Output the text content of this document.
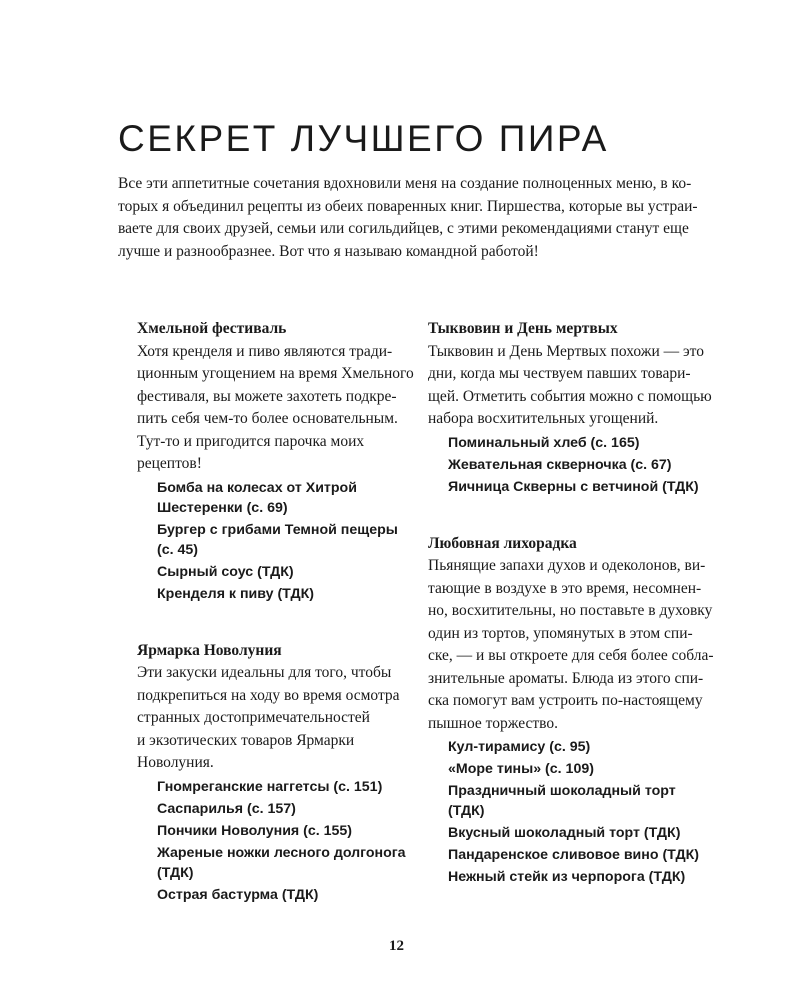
СЕКРЕТ ЛУЧШЕГО ПИРА
Все эти аппетитные сочетания вдохновили меня на создание полноценных меню, в ко-
торых я объединил рецепты из обеих поваренных книг. Пиршества, которые вы устраи-
ваете для своих друзей, семьи или согильдийцев, с этими рекомендациями станут еще
лучше и разнообразнее. Вот что я называю командной работой!
Хмельной фестиваль
Хотя кренделя и пиво являются тради-
ционным угощением на время Хмельного
фестиваля, вы можете захотеть подкре-
пить себя чем-то более основательным.
Тут-то и пригодится парочка моих
рецептов!
Бомба на колесах от Хитрой
Шестеренки (с. 69)
Бургер с грибами Темной пещеры
(с. 45)
Сырный соус (ТДК)
Кренделя к пиву (ТДК)
Ярмарка Новолуния
Эти закуски идеальны для того, чтобы
подкрепиться на ходу во время осмотра
странных достопримечательностей
и экзотических товаров Ярмарки
Новолуния.
Гномреганские наггетсы (с. 151)
Саспарилья (с. 157)
Пончики Новолуния (с. 155)
Жареные ножки лесного долгонога
(ТДК)
Острая бастурма (ТДК)
Тыквовин и День мертвых
Тыквовин и День Мертвых похожи — это
дни, когда мы чествуем павших товари-
щей. Отметить события можно с помощью
набора восхитительных угощений.
Поминальный хлеб (с. 165)
Жевательная скверночка (с. 67)
Яичница Скверны с ветчиной (ТДК)
Любовная лихорадка
Пьянящие запахи духов и одеколонов, ви-
тающие в воздухе в это время, несомнен-
но, восхитительны, но поставьте в духовку
один из тортов, упомянутых в этом спи-
ске, — и вы откроете для себя более собла-
знительные ароматы. Блюда из этого спи-
ска помогут вам устроить по-настоящему
пышное торжество.
Кул-тирамису (с. 95)
«Море тины» (с. 109)
Праздничный шоколадный торт
(ТДК)
Вкусный шоколадный торт (ТДК)
Пандаренское сливовое вино (ТДК)
Нежный стейк из черпорога (ТДК)
12
